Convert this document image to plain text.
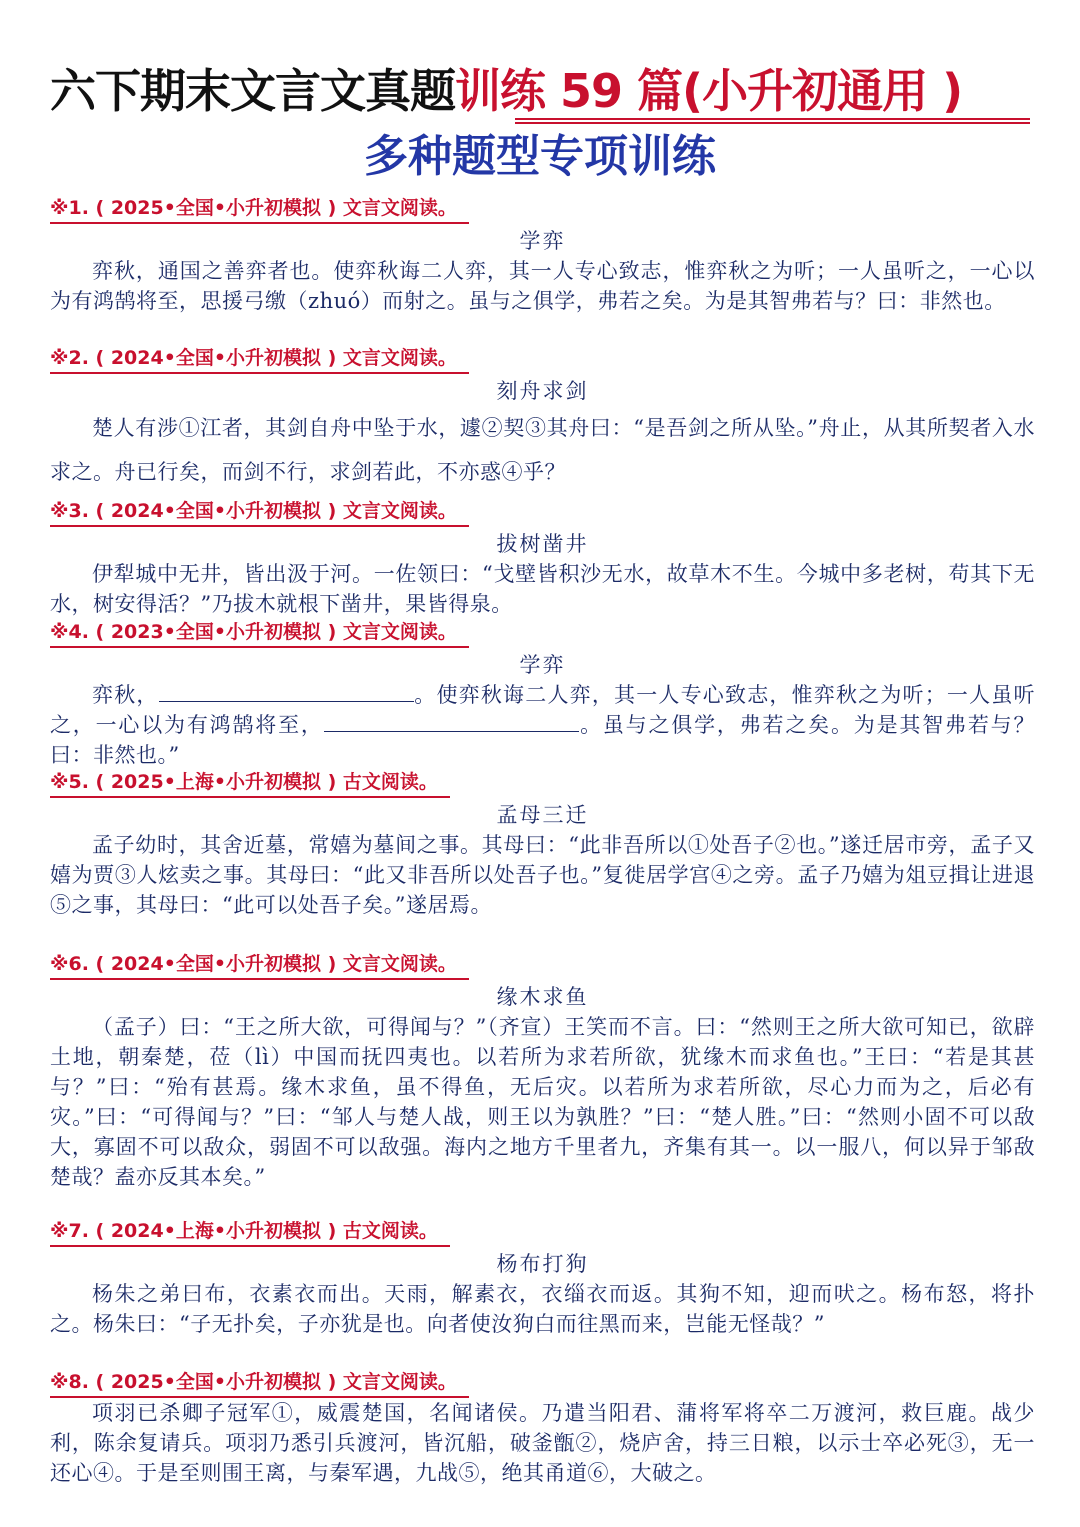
六下期末文言文真题训练 59 篇(小升初通用 )
多种题型专项训练
※1. ( 2025•全国•小升初模拟 ) 文言文阅读。
学弈
弈秋，通国之善弈者也。使弈秋诲二人弈，其一人专心致志，惟弈秋之为听；一人虽听之，一心以为有鸿鹄将至，思援弓缴（zhuó）而射之。虽与之俱学，弗若之矣。为是其智弗若与？曰：非然也。
※2. ( 2024•全国•小升初模拟 ) 文言文阅读。
刻舟求剑
楚人有涉①江者，其剑自舟中坠于水，遽②契③其舟曰：“是吾剑之所从坠。”舟止，从其所契者入水求之。舟已行矣，而剑不行，求剑若此，不亦惑④乎？
※3. ( 2024•全国•小升初模拟 ) 文言文阅读。
拔树凿井
伊犁城中无井，皆出汲于河。一佐领曰：“戈壁皆积沙无水，故草木不生。今城中多老树，苟其下无水，树安得活？”乃拔木就根下凿井，果皆得泉。
※4. ( 2023•全国•小升初模拟 ) 文言文阅读。
学弈
弈秋，	。使弈秋诲二人弈，其一人专心致志，惟弈秋之为听；一人虽听之，一心以为有鸿鹄将至，	。虽与之俱学，弗若之矣。为是其智弗若与？曰：非然也。”
※5. ( 2025•上海•小升初模拟 ) 古文阅读。
孟母三迁
孟子幼时，其舍近墓，常嬉为墓间之事。其母曰：“此非吾所以①处吾子②也。”遂迁居市旁，孟子又嬉为贾③人炫卖之事。其母曰：“此又非吾所以处吾子也。”复徙居学宫④之旁。孟子乃嬉为俎豆揖让进退⑤之事，其母曰：“此可以处吾子矣。”遂居焉。
※6. ( 2024•全国•小升初模拟 ) 文言文阅读。
缘木求鱼
（孟子）曰：“王之所大欲，可得闻与？”（齐宣）王笑而不言。曰：“然则王之所大欲可知已，欲辟土地，朝秦楚，莅（lì）中国而抚四夷也。以若所为求若所欲，犹缘木而求鱼也。”王曰：“若是其甚与？”曰：“殆有甚焉。缘木求鱼，虽不得鱼，无后灾。以若所为求若所欲，尽心力而为之，后必有灾。”曰：“可得闻与？”曰：“邹人与楚人战，则王以为孰胜？”曰：“楚人胜。”曰：“然则小固不可以敌大，寡固不可以敌众，弱固不可以敌强。海内之地方千里者九，齐集有其一。以一服八，何以异于邹敌楚哉？盍亦反其本矣。”
※7. ( 2024•上海•小升初模拟 ) 古文阅读。
杨布打狗
杨朱之弟曰布，衣素衣而出。天雨，解素衣，衣缁衣而返。其狗不知，迎而吠之。杨布怒，将扑之。杨朱曰：“子无扑矣，子亦犹是也。向者使汝狗白而往黑而来，岂能无怪哉？”
※8. ( 2025•全国•小升初模拟 ) 文言文阅读。
项羽已杀卿子冠军①，威震楚国，名闻诸侯。乃遣当阳君、蒲将军将卒二万渡河，救巨鹿。战少利，陈余复请兵。项羽乃悉引兵渡河，皆沉船，破釜甑②，烧庐舍，持三日粮，以示士卒必死③，无一还心④。于是至则围王离，与秦军遇，九战⑤，绝其甬道⑥，大破之。
